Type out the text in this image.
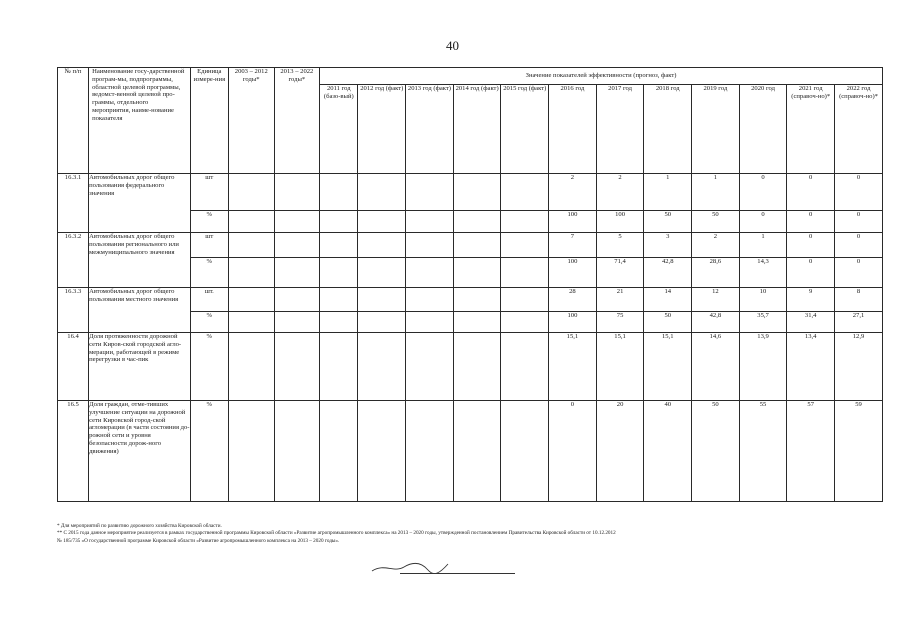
40
№ п/п	Наименование госу-дарственной програм-мы, подпрограммы, областной целевой программы, ведомст-венной целевой про-граммы, отдельного мероприятия, наиме-нование показателя	Единица измере-ния	2003 – 2012 годы*	2013 – 2022 годы*	Значение показателей эффективности (прогноз, факт)											
					2011 год (базо-вый)	2012 год (факт)	2013 год (факт)	2014 год (факт)	2015 год (факт)	2016 год	2017 год	2018 год	2019 год	2020 год	2021 год (справоч-но)*	2022 год (справоч-но)*
16.3.1	Автомобильных дорог общего пользования федерального значения	шт								2	2	1	1	0	0	0
		%								100	100	50	50	0	0	0
16.3.2	Автомобильных дорог общего пользования регионального или межмуниципального значения	шт								7	5	3	2	1	0	0
		%								100	71,4	42,8	28,6	14,3	0	0
16.3.3	Автомобильных дорог общего пользования местного значения	шт.								28	21	14	12	10	9	8
		%								100	75	50	42,8	35,7	31,4	27,1
16.4	Доля протяженности дорожной сети Киров-ской городской агло-мерации, работающей в режиме перегрузки в час-пик	%								15,1	15,1	15,1	14,6	13,9	13,4	12,9
16.5	Доля граждан, отме-тивших улучшение ситуации на дорожной сети Кировской город-ской агломерации (в части состояния до-рожной сети и уровня безопасности дорож-ного движения)	%								0	20	40	50	55	57	59
* Для мероприятий по развитию дорожного хозяйства Кировской области.
** С 2015 года данное мероприятие реализуется в рамках государственной программы Кировской области «Развитие агропромышленного комплекса» на 2013 – 2020 годы, утвержденной постановлением Правительства Кировской области от 10.12.2012
№ 185/735 «О государственной программе Кировской области «Развитие агропромышленного комплекса на 2013 – 2020 годы».
